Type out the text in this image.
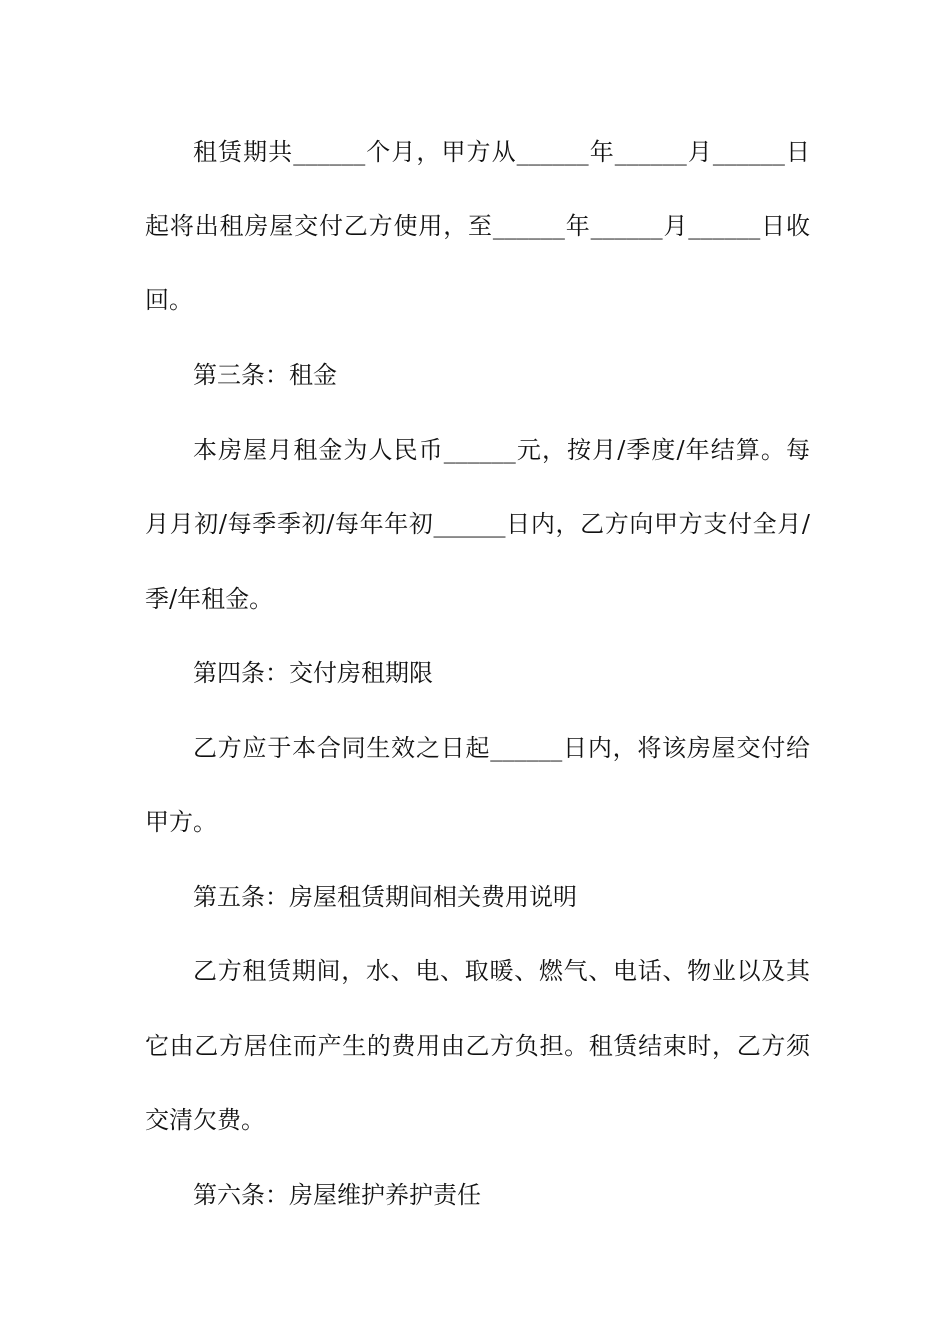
租赁期共______个月，甲方从______年______月______日
起将出租房屋交付乙方使用，至______年______月______日收
回。
第三条：租金
本房屋月租金为人民币______元，按月/季度/年结算。每
月月初/每季季初/每年年初______日内，乙方向甲方支付全月/
季/年租金。
第四条：交付房租期限
乙方应于本合同生效之日起______日内，将该房屋交付给
甲方。
第五条：房屋租赁期间相关费用说明
乙方租赁期间，水、电、取暖、燃气、电话、物业以及其
它由乙方居住而产生的费用由乙方负担。租赁结束时，乙方须
交清欠费。
第六条：房屋维护养护责任
